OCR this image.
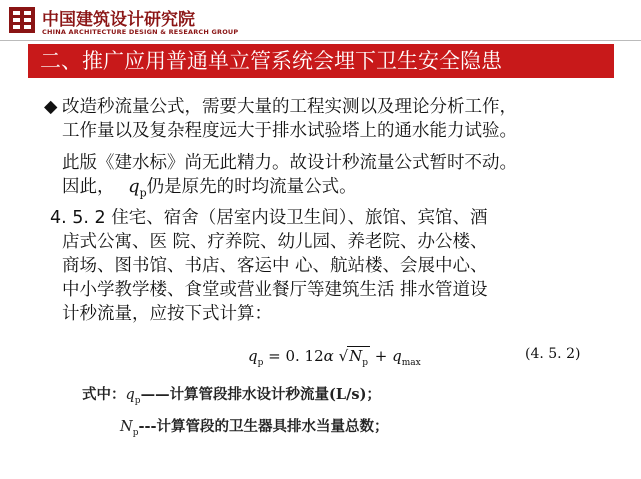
中国建筑设计研究院
CHINA ARCHITECTURE DESIGN & RESEARCH GROUP
二、推广应用普通单立管系统会埋下卫生安全隐患
◆ 改造秒流量公式，需要大量的工程实测以及理论分析工作，
工作量以及复杂程度远大于排水试验塔上的通水能力试验。
此版《建水标》尚无此精力。故设计秒流量公式暂时不动。
因此， $q_p$仍是原先的时均流量公式。
4. 5. 2 住宅、宿舍（居室内设卫生间）、旅馆、宾馆、酒
店式公寓、医 院、疗养院、幼儿园、养老院、办公楼、
商场、图书馆、书店、客运中 心、航站楼、会展中心、
中小学教学楼、食堂或营业餐厅等建筑生活 排水管道设
计秒流量，应按下式计算：
$q_p = 0$. 12α $√N_p + q_{max}$
(4. 5. 2)
式中：$q_p——$计算管段排水设计秒流量(L/s)；
$N_p---$计算管段的卫生器具排水当量总数；
